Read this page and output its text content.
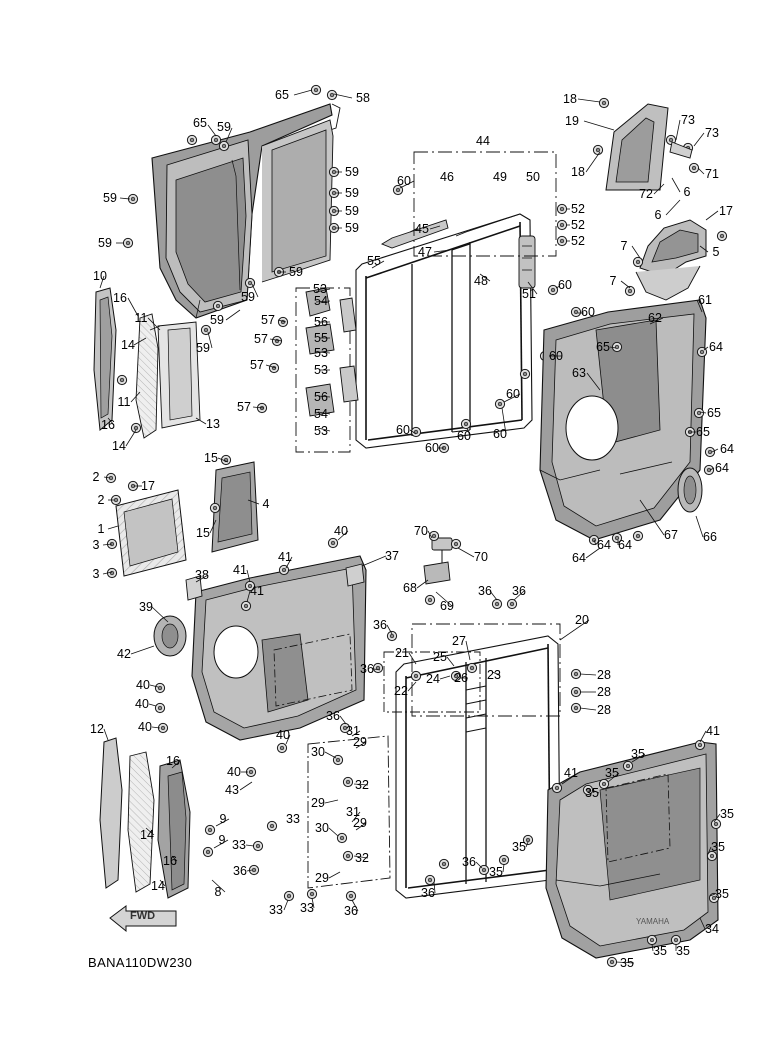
YAMAHA
FWD
BANA110DW230
65	58	18
19
65 59	73
73
44
18
59	46	49 50	71
72 6
59
60
59
59	6	17
52
52
52
59	45
59
47	7	5
59
55
48
10	7
51
60
61
16	59
53
54
11	59	57	56
60	62
65
55
57
14	59	53	60
64
57	53	63
11
60
65
57
56
54
16	13
14
53	65
64
60
60
60 60
64
15
2
2
17
4
66
67
1	15
3
40	70
70
64 64
64
3
41	37
38 41
68
69
36 36
39
41
20
36
27
42	21 25
23	28
36
22	28
40	24 26
28
40
40
36
41
12	31
29
40
30	35
16
35
41
35
40
32
43
29
31
33	29
9	35
14	30
35
9 33
36
32
35
16	36
35
14	8
29
36	35
33 33 36
34
35 35
35
